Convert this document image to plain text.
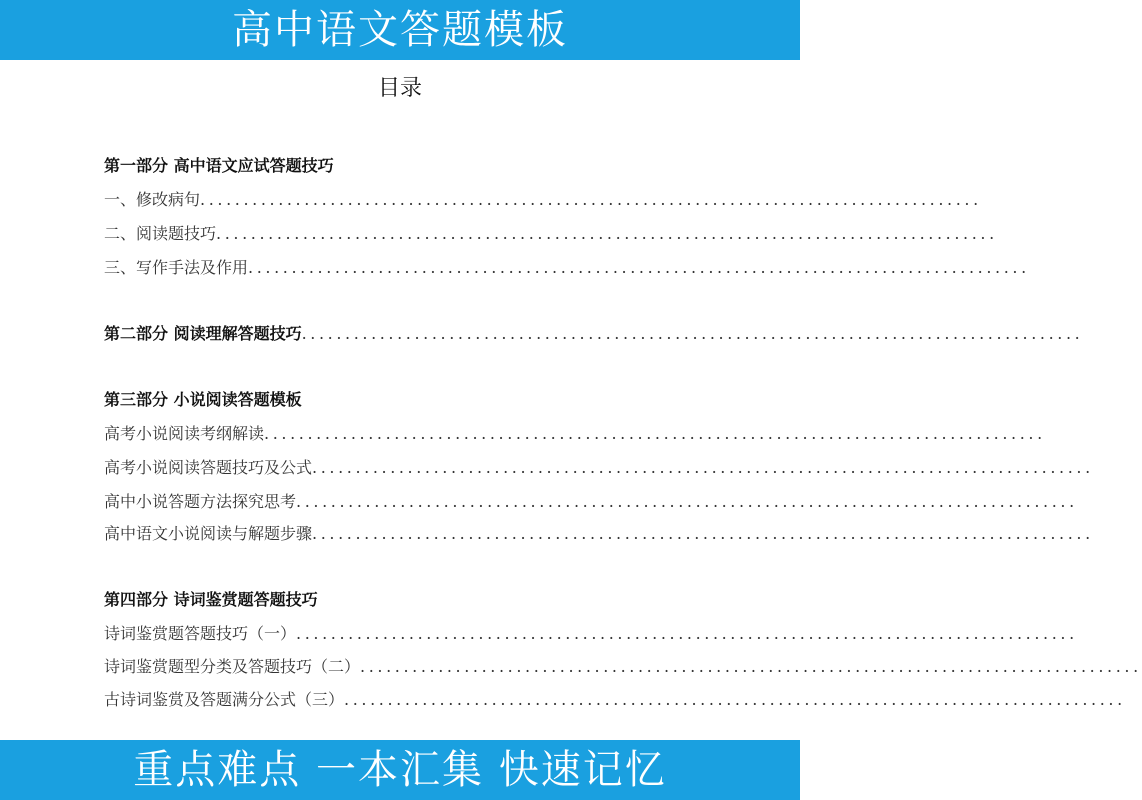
高中语文答题模板
目录
第一部分 高中语文应试答题技巧
一、修改病句..........................................................................................
二、阅读题技巧..........................................................................................
三、写作手法及作用..........................................................................................
第二部分 阅读理解答题技巧..........................................................................................
第三部分 小说阅读答题模板
高考小说阅读考纲解读..........................................................................................
高考小说阅读答题技巧及公式..........................................................................................
高中小说答题方法探究思考..........................................................................................
高中语文小说阅读与解题步骤..........................................................................................
第四部分 诗词鉴赏题答题技巧
诗词鉴赏题答题技巧（一）..........................................................................................
诗词鉴赏题型分类及答题技巧（二）..........................................................................................
古诗词鉴赏及答题满分公式（三）..........................................................................................
重点难点 一本汇集 快速记忆
